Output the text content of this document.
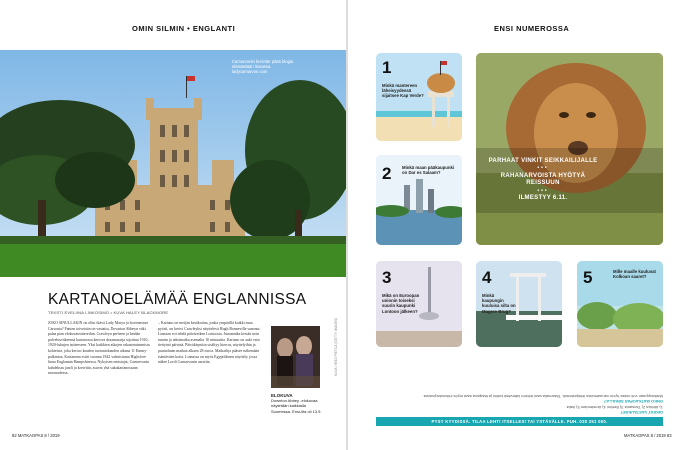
OMIN SILMIN • ENGLANTI
Carnarvonin kreivitär pitää blogia elämästään linnassa. ladycarnarvon.com
KARTANOELÄMÄÄ ENGLANNISSA
TEKSTI EVELIINA LINKOSIMO • KUVA HALEY BLACKMORE

JOKO SINULLAKIN on ollut ikävä Lady Marya ja hovimestari Carsonia? Fanien toiveisiin on vastattu, Downton Abbeyn väki palaa pian elokuvateattereihin. Crawleyn perheen ja heidän palvelusväkeensä kartanossa kertova draamasarja sijoittuu 1910–1920-lukujen taitteeseen. Yksi kaikkien aikojen rakastetuimmista kohteista, joka kertoo kuuden tuotantokauden aikana 11 Emmy-palkintoa. Kartanona esitti vuonna 1842 valmistunut Highclere linna Englannin Hampshiressa. Nykyisen omistajat, Carnarvonin kahdeksas jaarli ja kreivitär, asuvat yhä sukukartanossaan nuoruudessa.

– Kartano on meijän kesäkotina, jonka ympärillä kaikki muu pyörii, on kreivi Crawleyksi näyttelevä Hugh Bonneville sanonut. Linnaan voi tehdä päiväretken Lontoosta. Junamatka kestää noin tunnin ja taksimatka asemalta 10 minuuttia. Kartano on auki vain tiettyinä päivinä. Päiväkäyntiin sisältyy kierros, näyttelyihin ja puutarhaan matkaa alkaen 28 euroa. Matkailija pääsee näkemään isäntäväen kotia. Linnassa on myös Egyptiläinen näyttely, jossa näkee Lordi Carnarvonin aarteita.

ELOKUVA
Downton Abbey -elokuvaa näytetään kaikkialla Suomessa. Ensi-ilta oli 13.9.
KUVA: HEIDI PIETILÄ (GETTY IMAGES)
82 MATKAOPAS 8 / 2019
ENSI NUMEROSSA
1
Minkä mantereen läheisyydessä sijaitsee Kap Verde?
2 Minkä maan pääkaupunki on Dar es Salaam?
PARHAAT VINKIT SEIKKAILIJALLE
•••
RAHANARVOISTA HYÖTYÄ REISSUUN
•••
ILMESTYY 6.11.
3
Mikä on Euroopan unionin toiseksi suurin kaupunki Lontoon jälkeen?
4
Minkä kaupungin kuuluisa silta on Magere Brug?
5	Mille maalle kuuluvat Kolkoan saaret?
OIKEAT VASTAUKSET
1) Afrikka 2) Tansania 3) Berliini 4) Amsterdam 5) Italia
ONKO MATKAOPAS SINULLA?
Matkaoppaan voit ostaa hyvin varustetuista lehtipisteistä. Tilaamalla saat lehden kätevästi kotiisi ja tilaajana saat myös erikoistarjouksia.
PYSY KYYDISSÄ. TILAA LEHTI ITSELLESI TAI YSTÄVÄLLE. PUH. 030 251 000.
MATKAOPAS 8 / 2019 83
